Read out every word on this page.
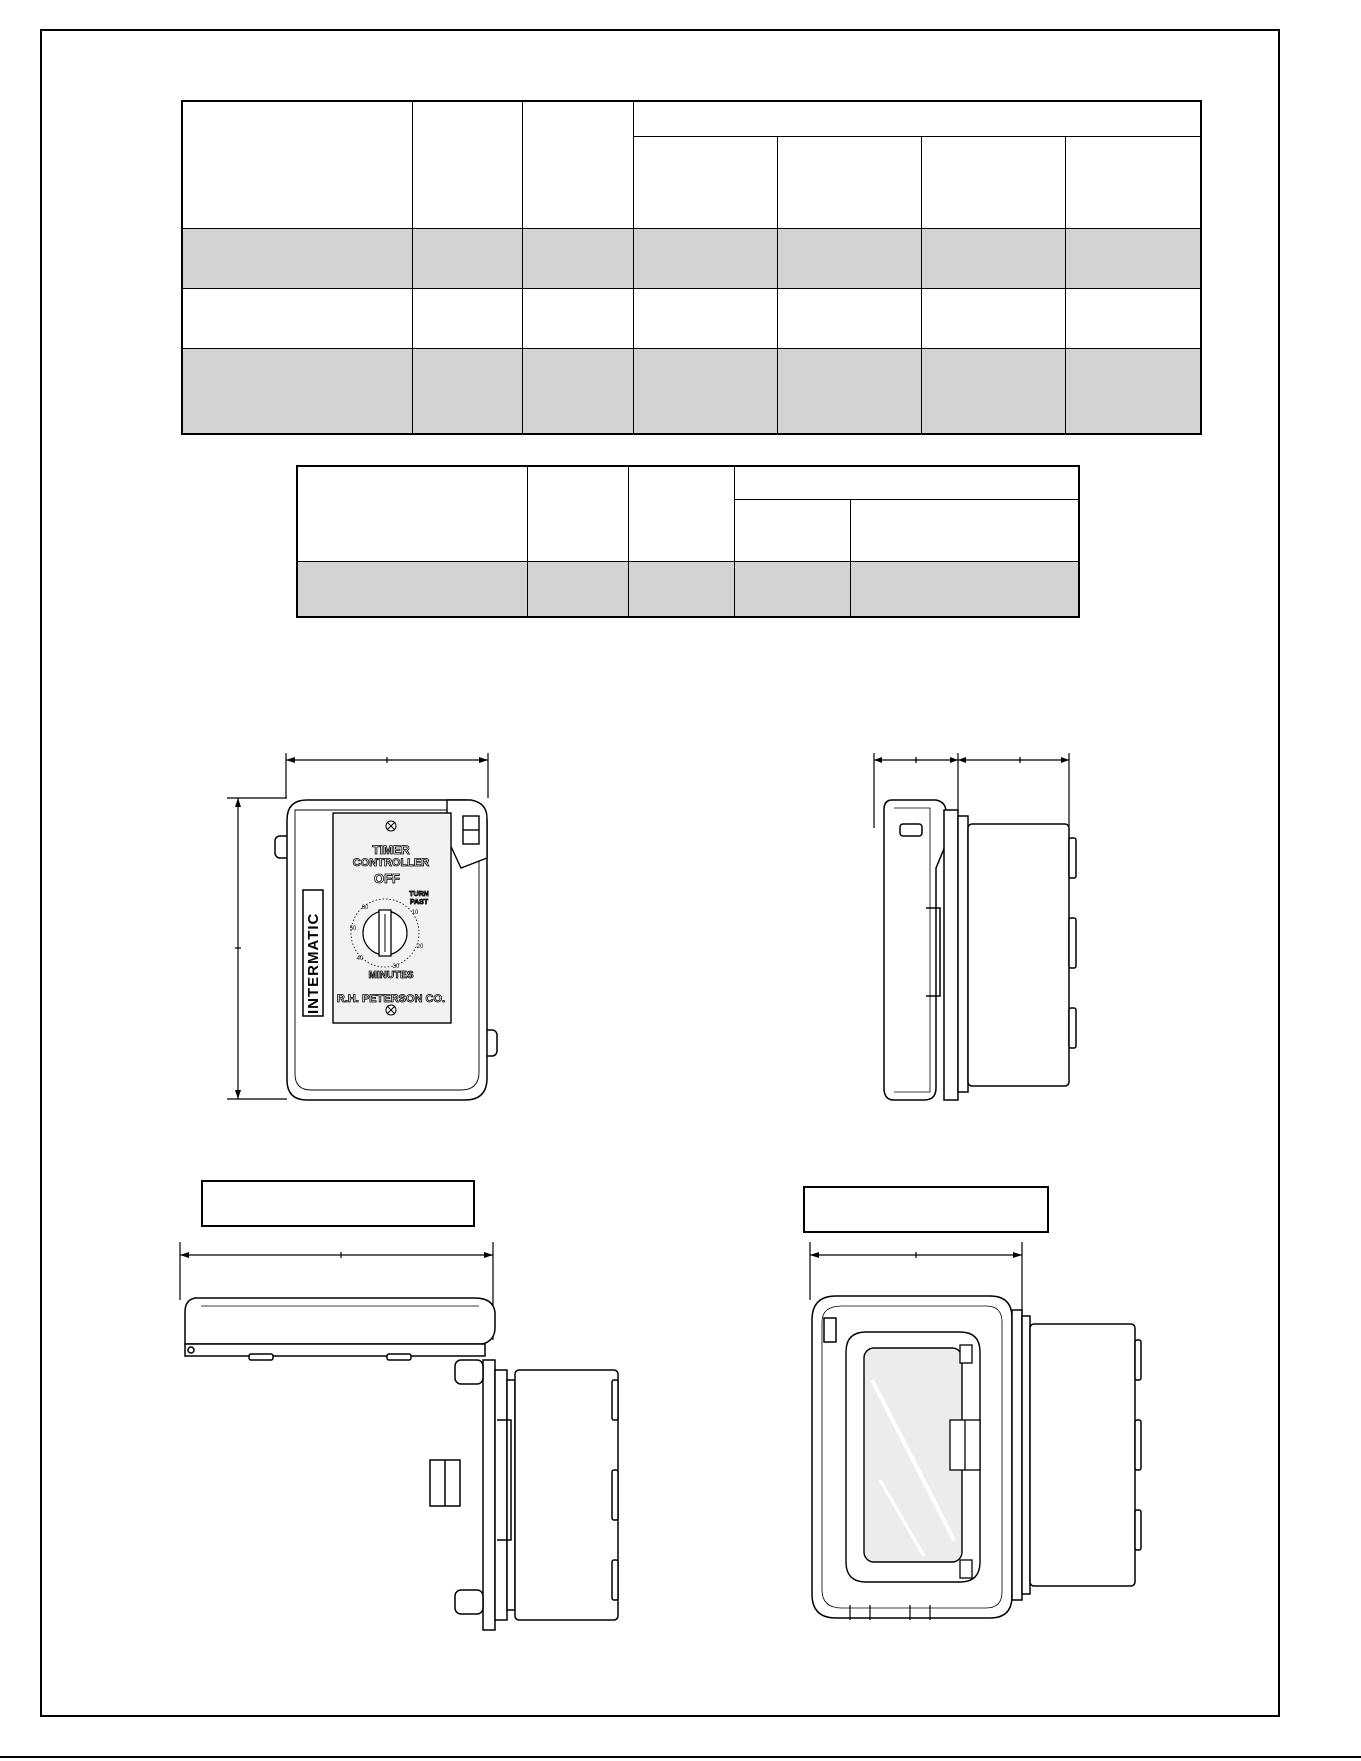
INTERMATIC
TIMER
CONTROLLER
OFF
TURN
PAST
MINUTES
R.H. PETERSON CO.
60
50
40
30
20
10
